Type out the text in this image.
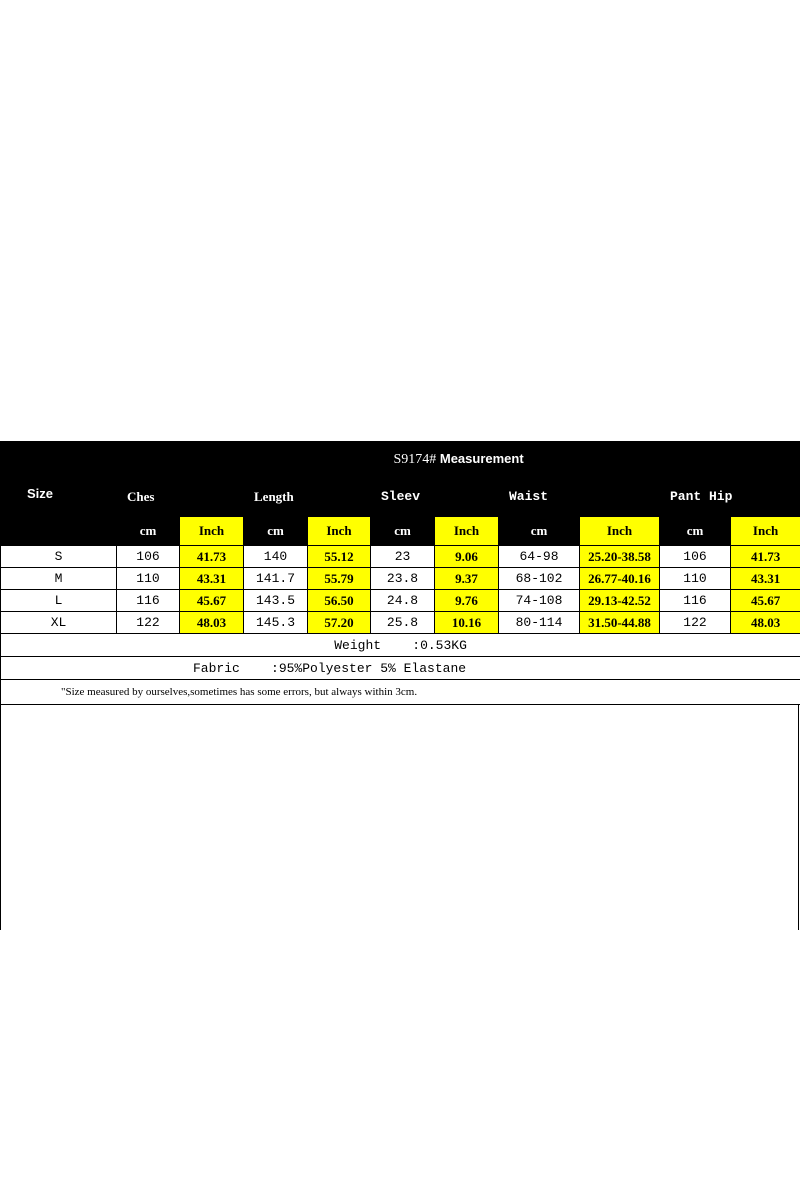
Size	S9174# Measurement									
	Ches		Length		Sleev		Waist		Pant Hip	
	cm	Inch	cm	Inch	cm	Inch	cm	Inch	cm	Inch
S	106	41.73	140	55.12	23	9.06	64-98	25.20-38.58	106	41.73
M	110	43.31	141.7	55.79	23.8	9.37	68-102	26.77-40.16	110	43.31
L	116	45.67	143.5	56.50	24.8	9.76	74-108	29.13-42.52	116	45.67
XL	122	48.03	145.3	57.20	25.8	10.16	80-114	31.50-44.88	122	48.03
Weight    :0.53KG										
Fabric    :95%Polyester 5% Elastane										
"Size measured by ourselves,sometimes has some errors, but always within 3cm.										
